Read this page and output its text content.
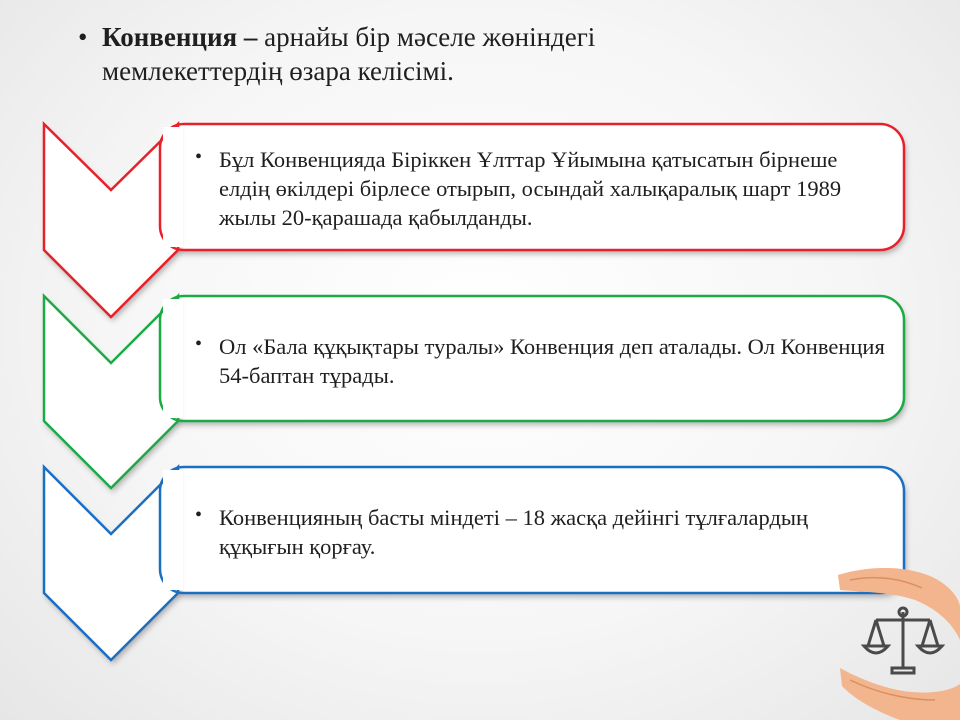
• Конвенция – арнайы бір мәселе жөніндегі
мемлекеттердің өзара келісімі.
• Бұл Конвенцияда Біріккен Ұлттар Ұйымына қатысатын бірнеше елдің өкілдері бірлесе отырып, осындай халықаралық шарт 1989 жылы 20-қарашада қабылданды.
• Ол «Бала құқықтары туралы» Конвенция деп аталады. Ол Конвенция 54-баптан тұрады.
• Конвенцияның басты міндеті – 18 жасқа дейінгі тұлғалардың құқығын қорғау.
